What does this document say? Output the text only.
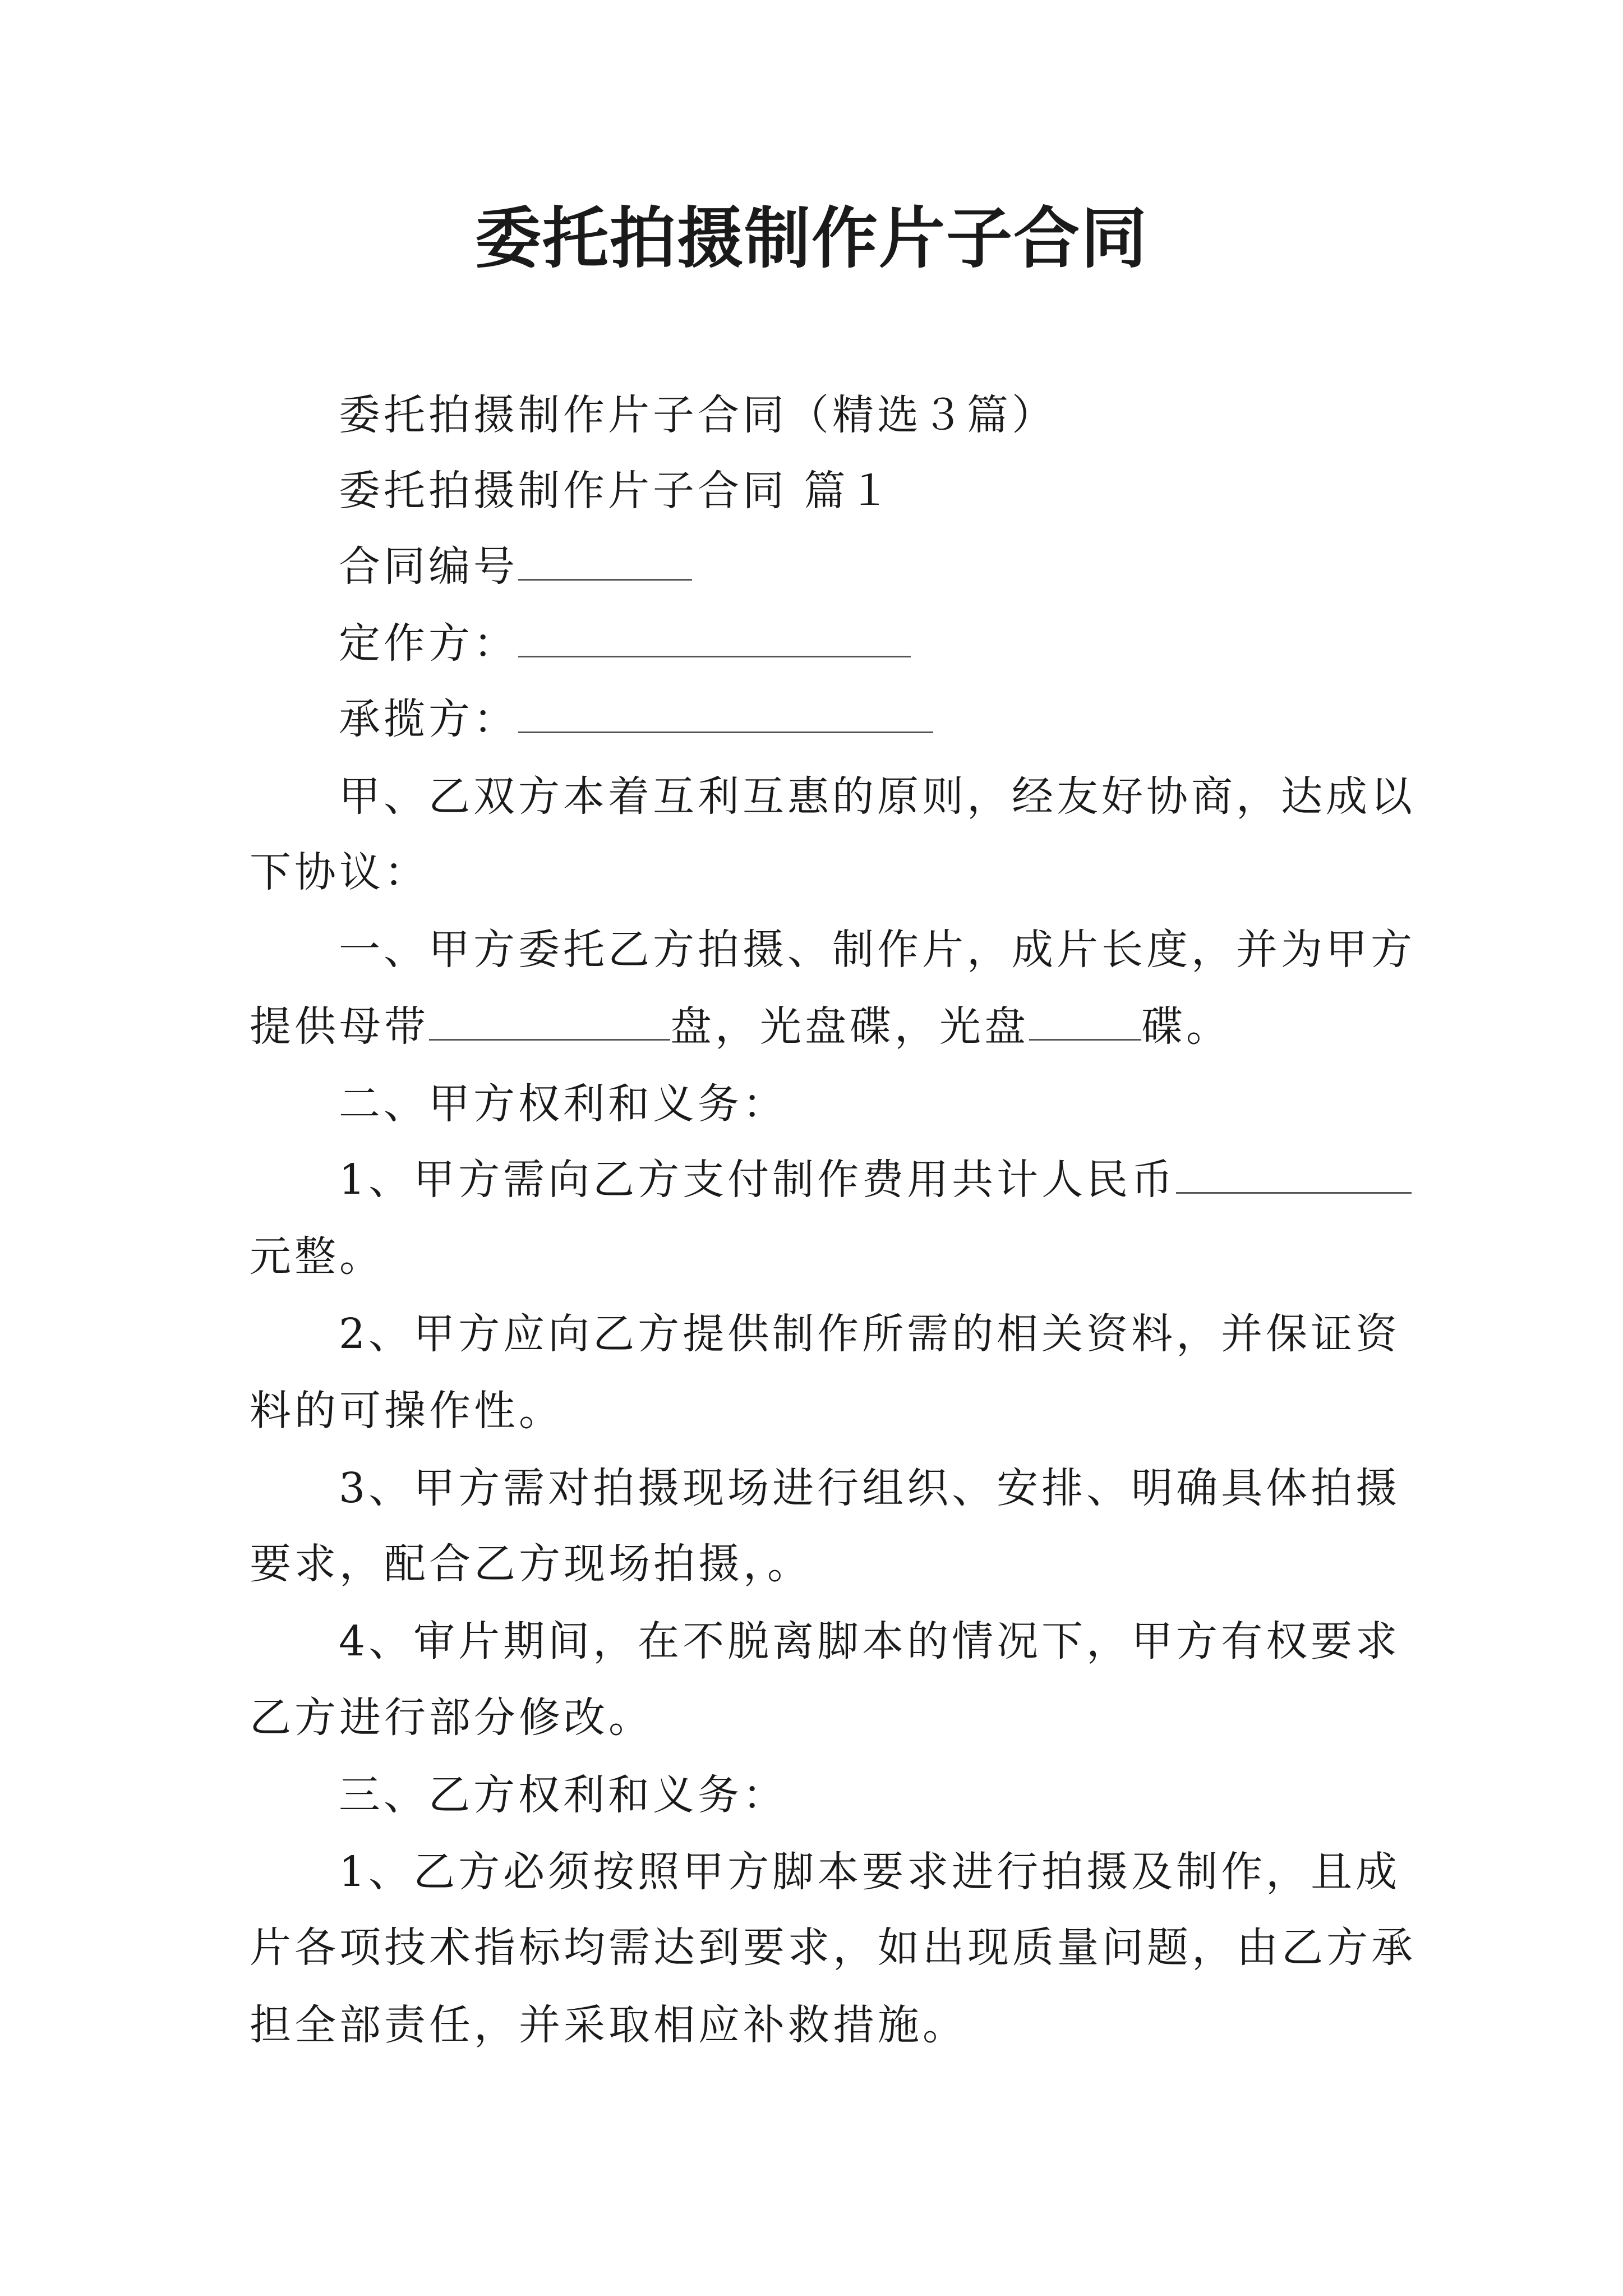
委托拍摄制作片子合同
委托拍摄制作片子合同（精选３篇）
委托拍摄制作片子合同 篇１
合同编号
定作方：
承揽方：
甲、乙双方本着互利互惠的原则，经友好协商，达成以
下协议：
一、甲方委托乙方拍摄、制作片，成片长度，并为甲方
提供母带	盘，光盘碟，光盘	碟。
二、甲方权利和义务：
1、甲方需向乙方支付制作费用共计人民币
元整。
2、甲方应向乙方提供制作所需的相关资料，并保证资
料的可操作性。
3、甲方需对拍摄现场进行组织、安排、明确具体拍摄
要求，配合乙方现场拍摄，。
4、审片期间，在不脱离脚本的情况下，甲方有权要求
乙方进行部分修改。
三、乙方权利和义务：
1、乙方必须按照甲方脚本要求进行拍摄及制作，且成
片各项技术指标均需达到要求，如出现质量问题，由乙方承
担全部责任，并采取相应补救措施。
